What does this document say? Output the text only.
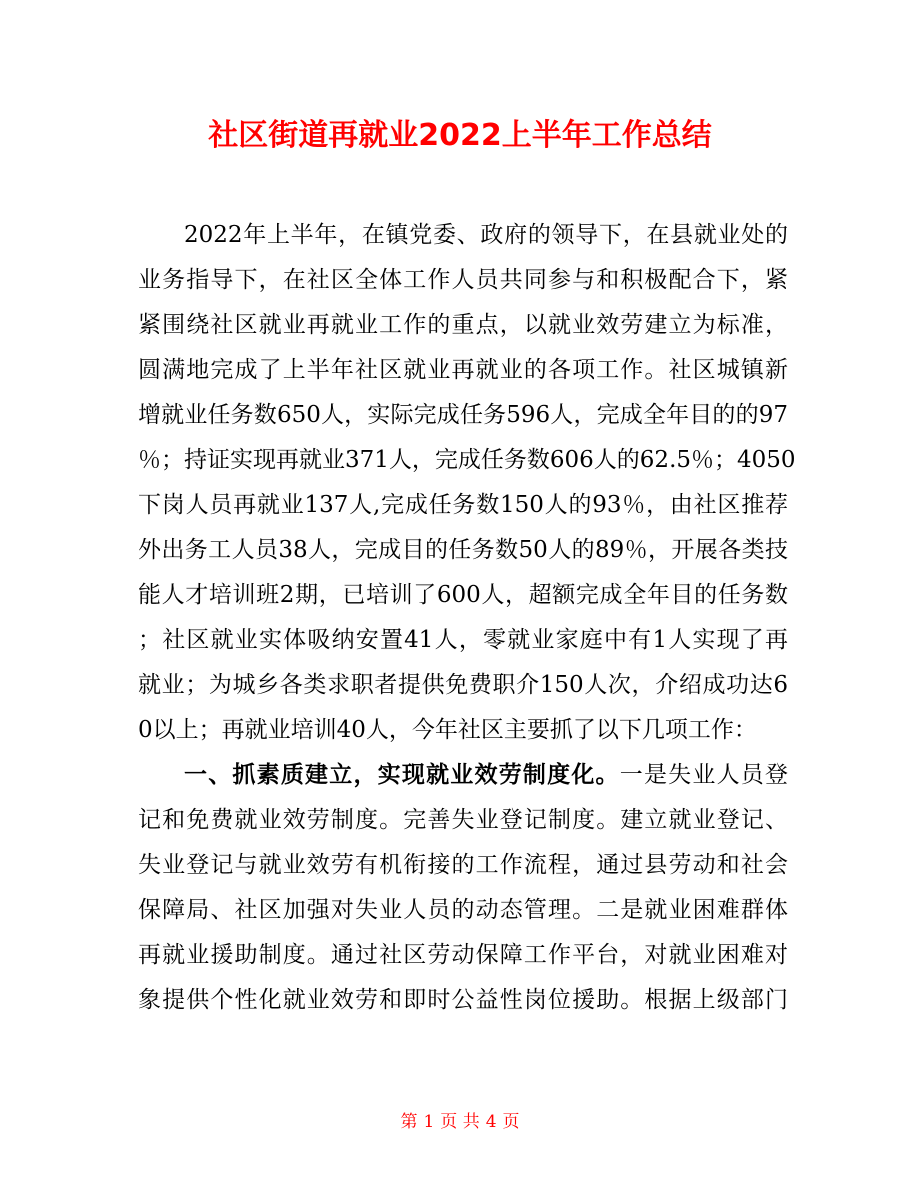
社区街道再就业2022上半年工作总结
2022年上半年，在镇党委、政府的领导下，在县就业处的
业务指导下，在社区全体工作人员共同参与和积极配合下，紧
紧围绕社区就业再就业工作的重点，以就业效劳建立为标准，
圆满地完成了上半年社区就业再就业的各项工作。社区城镇新
增就业任务数650人，实际完成任务596人，完成全年目的的97
％；持证实现再就业371人，完成任务数606人的62.5％；4050
下岗人员再就业137人,完成任务数150人的93％，由社区推荐
外出务工人员38人，完成目的任务数50人的89％，开展各类技
能人才培训班2期，已培训了600人，超额完成全年目的任务数
；社区就业实体吸纳安置41人，零就业家庭中有1人实现了再
就业；为城乡各类求职者提供免费职介150人次，介绍成功达6
0以上；再就业培训40人，今年社区主要抓了以下几项工作：
一、抓素质建立，实现就业效劳制度化。一是失业人员登
记和免费就业效劳制度。完善失业登记制度。建立就业登记、
失业登记与就业效劳有机衔接的工作流程，通过县劳动和社会
保障局、社区加强对失业人员的动态管理。二是就业困难群体
再就业援助制度。通过社区劳动保障工作平台，对就业困难对
象提供个性化就业效劳和即时公益性岗位援助。根据上级部门
第 1 页 共 4 页
